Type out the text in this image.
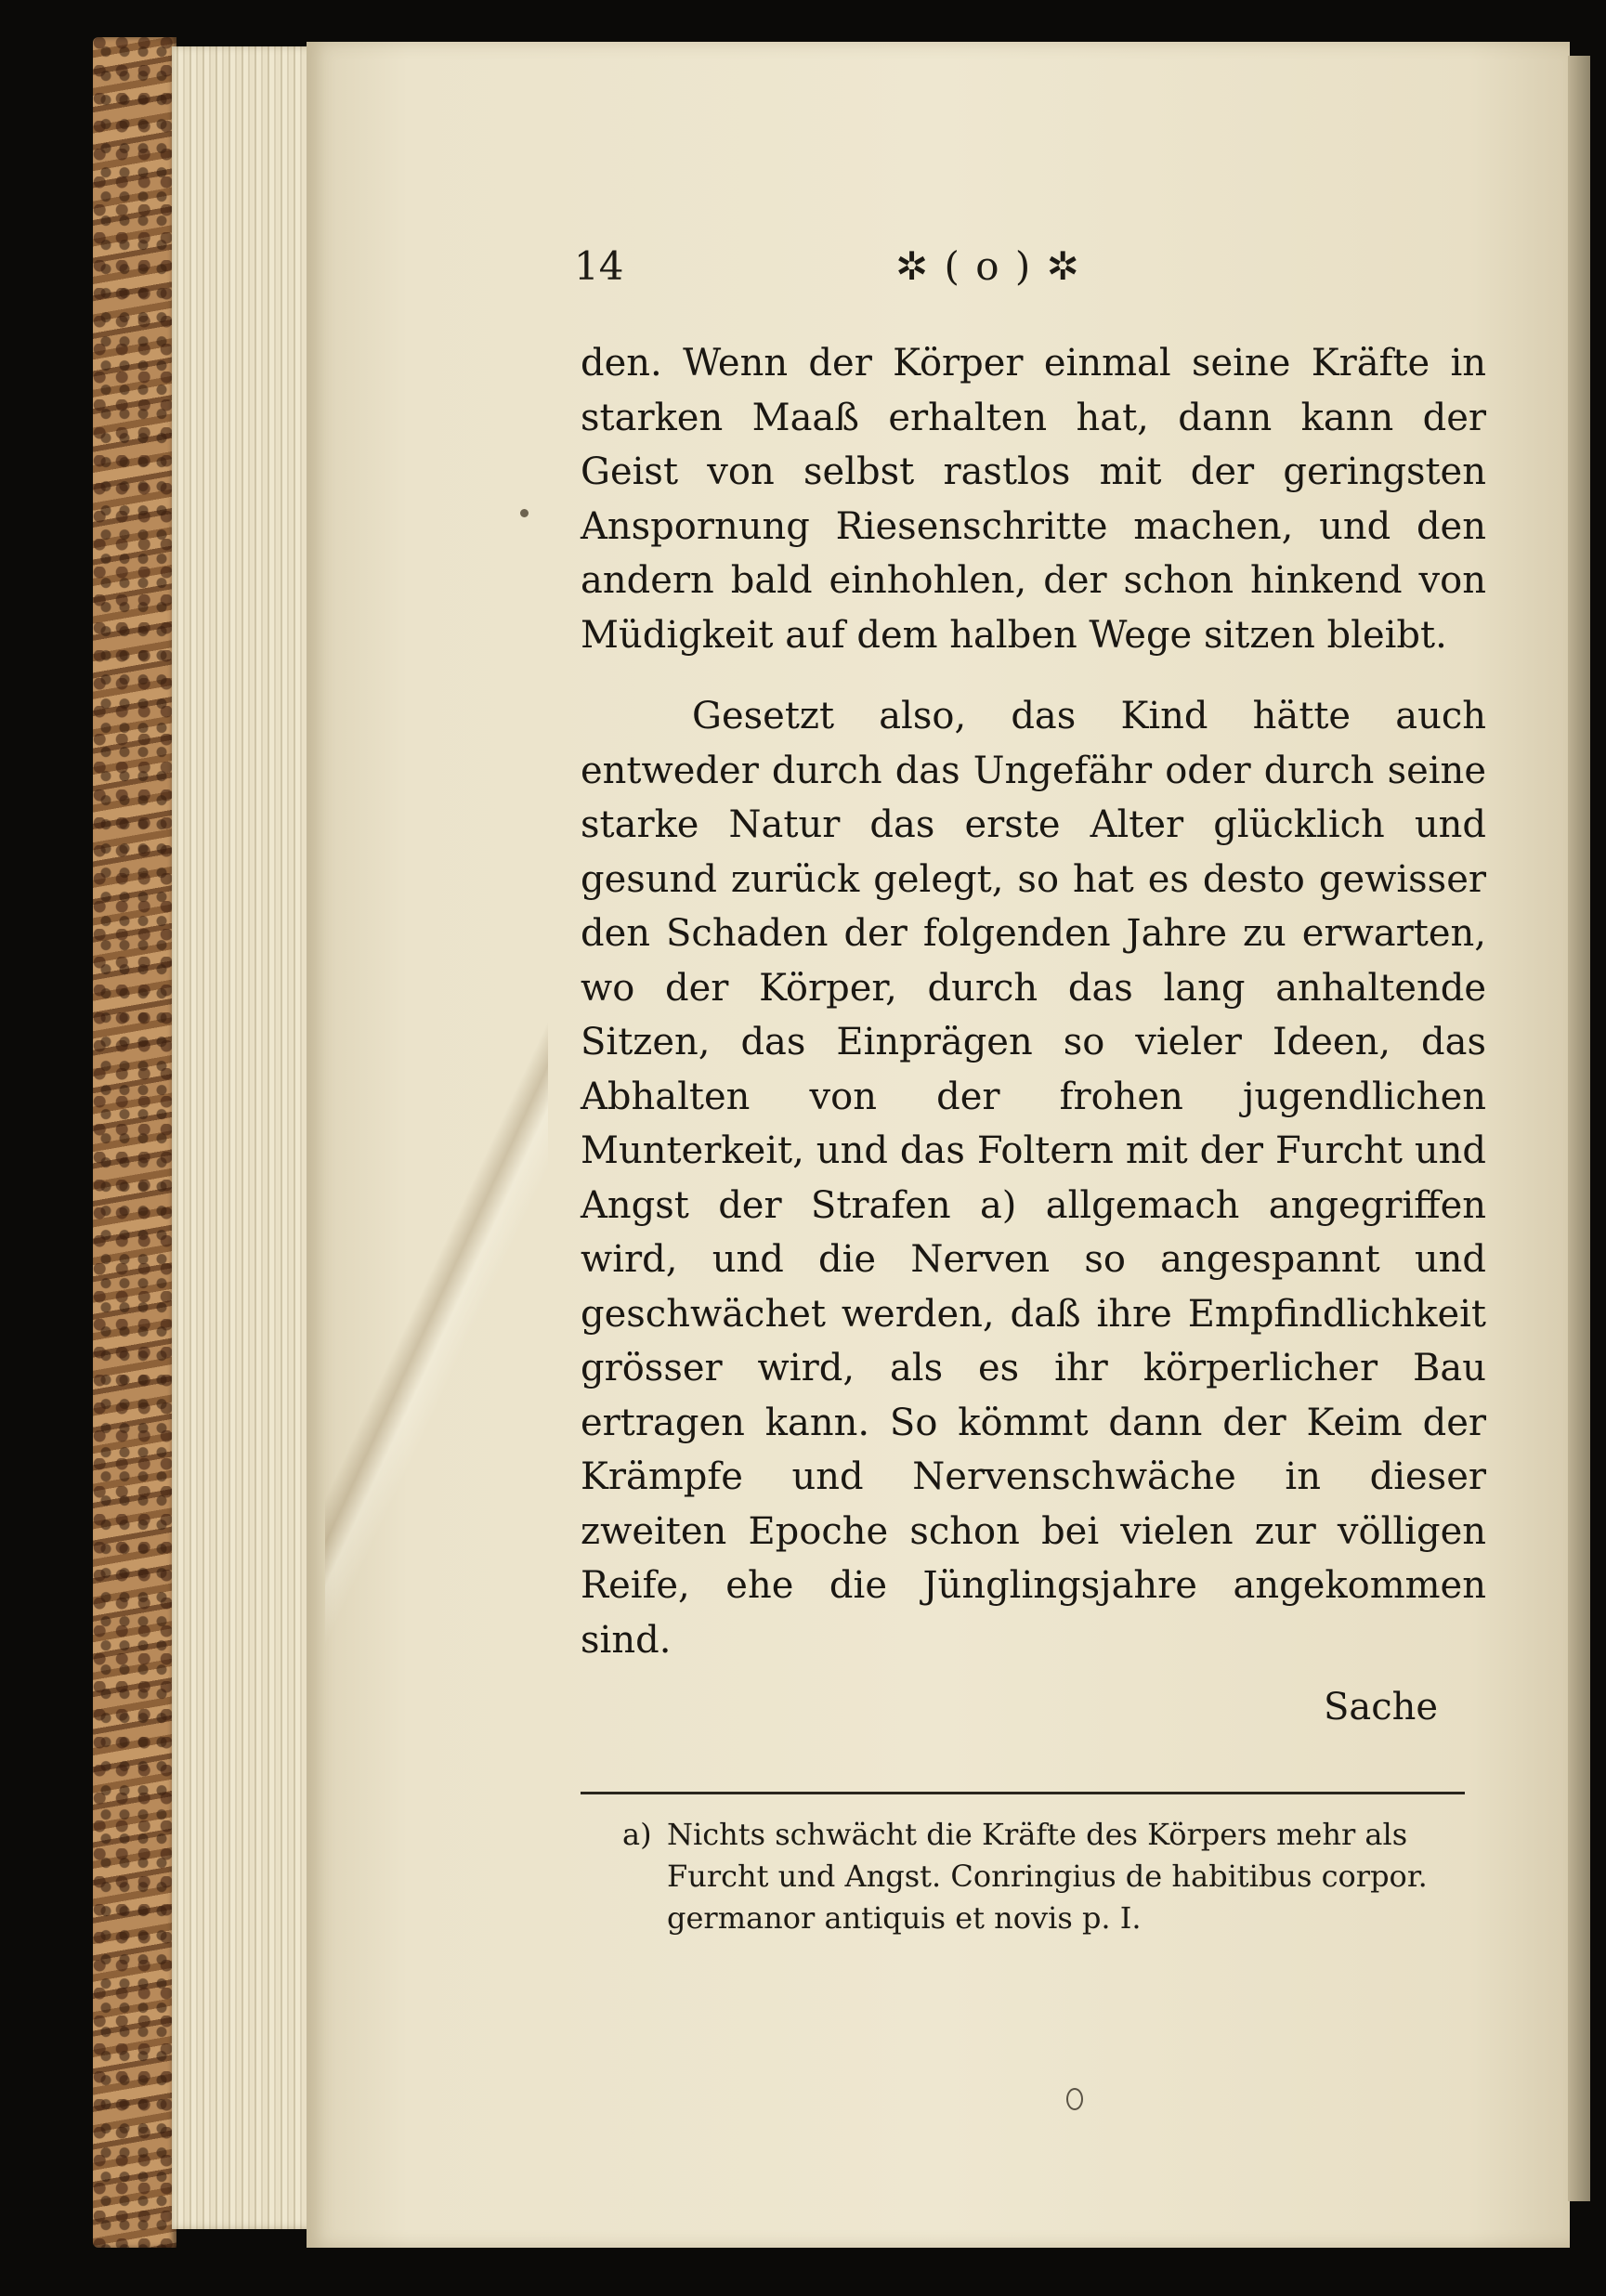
14	✲ ( o ) ✲

den. Wenn der Körper einmal seine Kräfte in starken Maaß erhalten hat, dann kann der Geist von selbst rastlos mit der geringsten Anspornung Riesenschritte machen, und den andern bald einhohlen, der schon hinkend von Müdigkeit auf dem halben Wege sitzen bleibt.

Gesetzt also, das Kind hätte auch entweder durch das Ungefähr oder durch seine starke Natur das erste Alter glücklich und gesund zurück gelegt, so hat es desto gewisser den Schaden der folgenden Jahre zu erwarten, wo der Körper, durch das lang anhaltende Sitzen, das Einprägen so vieler Ideen, das Abhalten von der frohen jugendlichen Munterkeit, und das Foltern mit der Furcht und Angst der Strafen a) allgemach angegriffen wird, und die Nerven so angespannt und geschwächet werden, daß ihre Empfindlichkeit grösser wird, als es ihr körperlicher Bau ertragen kann. So kömmt dann der Keim der Krämpfe und Nervenschwäche in dieser zweiten Epoche schon bei vielen zur völligen Reife, ehe die Jünglingsjahre angekommen sind.

Sache
a) Nichts schwächt die Kräfte des Körpers mehr als Furcht und Angst. Conringius de habitibus corpor. germanor antiquis et novis p. I.
